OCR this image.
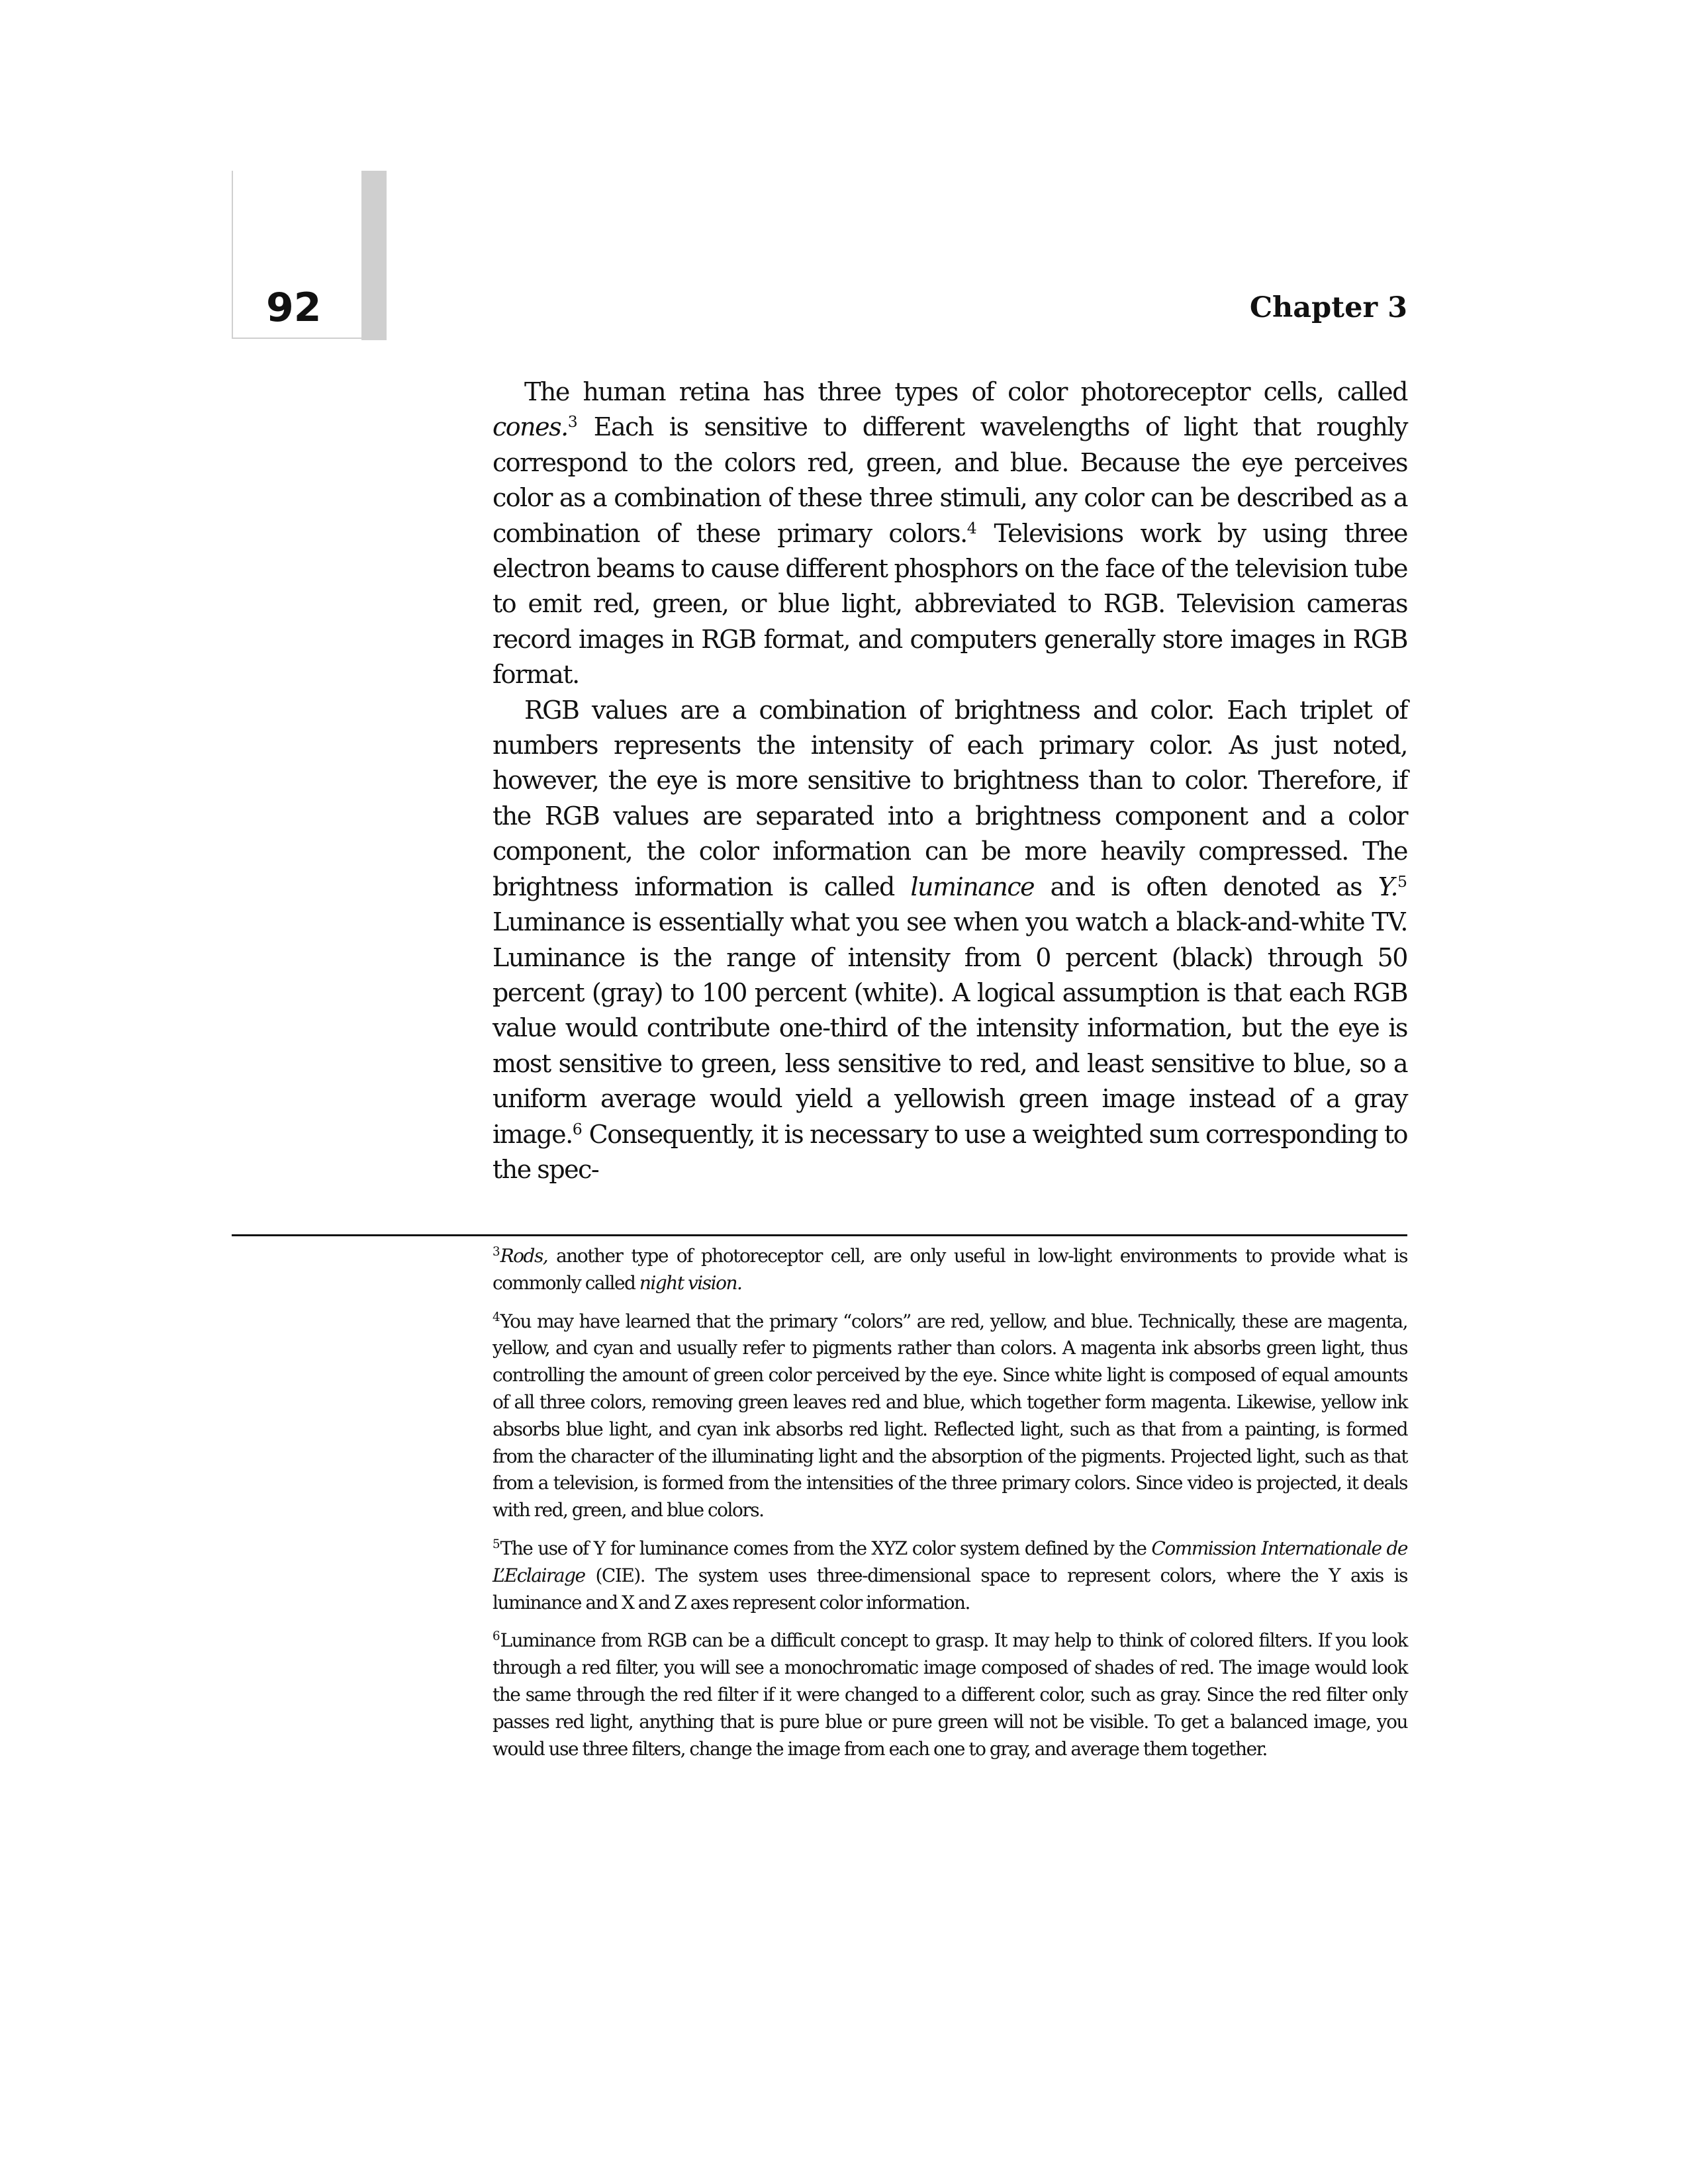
92	Chapter 3

The human retina has three types of color photoreceptor cells, called cones.$^3$ Each is sensitive to different wavelengths of light that roughly correspond to the colors red, green, and blue. Because the eye perceives color as a combination of these three stimuli, any color can be described as a combination of these primary colors.$^4$ Televisions work by using three electron beams to cause different phosphors on the face of the television tube to emit red, green, or blue light, abbreviated to RGB. Television cameras record images in RGB format, and computers generally store images in RGB format.

RGB values are a combination of brightness and color. Each triplet of numbers represents the intensity of each primary color. As just noted, however, the eye is more sensitive to brightness than to color. Therefore, if the RGB values are separated into a brightness component and a color component, the color information can be more heavily compressed. The brightness information is called luminance and is often denoted as Y.$^5$ Luminance is essentially what you see when you watch a black-and-white TV. Luminance is the range of intensity from 0 percent (black) through 50 percent (gray) to 100 percent (white). A logical assumption is that each RGB value would contribute one-third of the intensity information, but the eye is most sensitive to green, less sensitive to red, and least sensitive to blue, so a uniform average would yield a yellowish green image instead of a gray image.$^6$ Consequently, it is necessary to use a weighted sum corresponding to the spec-

$^3$Rods, another type of photoreceptor cell, are only useful in low-light environments to provide what is commonly called night vision.

$^4$You may have learned that the primary “colors” are red, yellow, and blue. Technically, these are magenta, yellow, and cyan and usually refer to pigments rather than colors. A magenta ink absorbs green light, thus controlling the amount of green color perceived by the eye. Since white light is composed of equal amounts of all three colors, removing green leaves red and blue, which together form magenta. Likewise, yellow ink absorbs blue light, and cyan ink absorbs red light. Reflected light, such as that from a painting, is formed from the character of the illuminating light and the absorption of the pigments. Projected light, such as that from a television, is formed from the intensities of the three primary colors. Since video is projected, it deals with red, green, and blue colors.

$^5$The use of Y for luminance comes from the XYZ color system defined by the Commission Internationale de L’Eclairage (CIE). The system uses three-dimensional space to represent colors, where the Y axis is luminance and X and Z axes represent color information.

$^6$Luminance from RGB can be a difficult concept to grasp. It may help to think of colored filters. If you look through a red filter, you will see a monochromatic image composed of shades of red. The image would look the same through the red filter if it were changed to a different color, such as gray. Since the red filter only passes red light, anything that is pure blue or pure green will not be visible. To get a balanced image, you would use three filters, change the image from each one to gray, and average them together.
